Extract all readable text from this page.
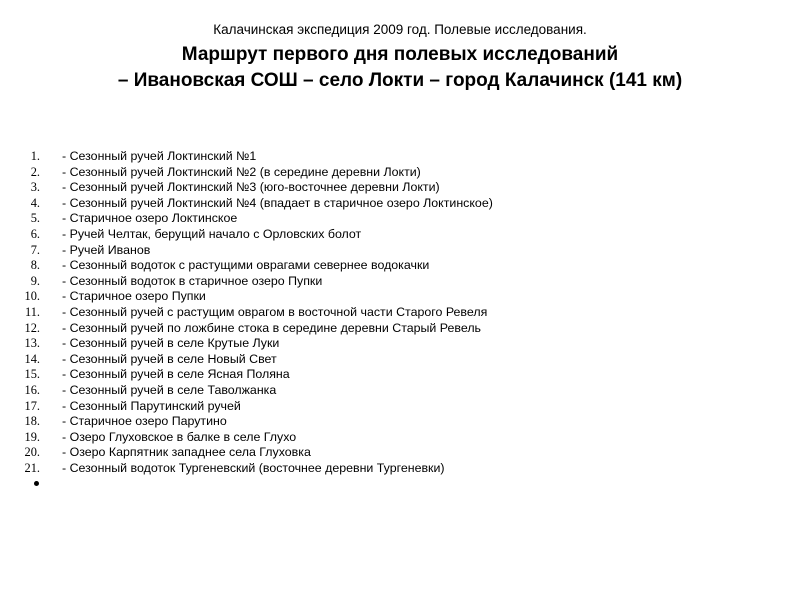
Калачинская экспедиция 2009 год. Полевые исследования.

Маршрут первого дня полевых исследований
– Ивановская СОШ – село Локти – город Калачинск (141 км)
1. - Сезонный ручей Локтинский №1
2. - Сезонный ручей Локтинский №2 (в середине деревни Локти)
3. - Сезонный ручей Локтинский №3 (юго-восточнее деревни Локти)
4. - Сезонный ручей Локтинский №4 (впадает в старичное озеро Локтинское)
5. - Старичное озеро Локтинское
6. - Ручей Челтак, берущий начало с Орловских болот
7. - Ручей Иванов
8. - Сезонный водоток с растущими оврагами севернее водокачки
9. - Сезонный водоток в старичное озеро Пупки
10. - Старичное озеро Пупки
11. - Сезонный ручей с растущим оврагом в восточной части Старого Ревеля
12. - Сезонный ручей по ложбине стока в середине деревни Старый Ревель
13. - Сезонный ручей в селе Крутые Луки
14. - Сезонный ручей в селе Новый Свет
15. - Сезонный ручей в селе Ясная Поляна
16. - Сезонный ручей в селе Таволжанка
17. - Сезонный Парутинский ручей
18. - Старичное озеро Парутино
19. - Озеро Глуховское в балке в селе Глухо
20. - Озеро Карпятник западнее села Глуховка
21. - Сезонный водоток Тургеневский (восточнее деревни Тургеневки)
